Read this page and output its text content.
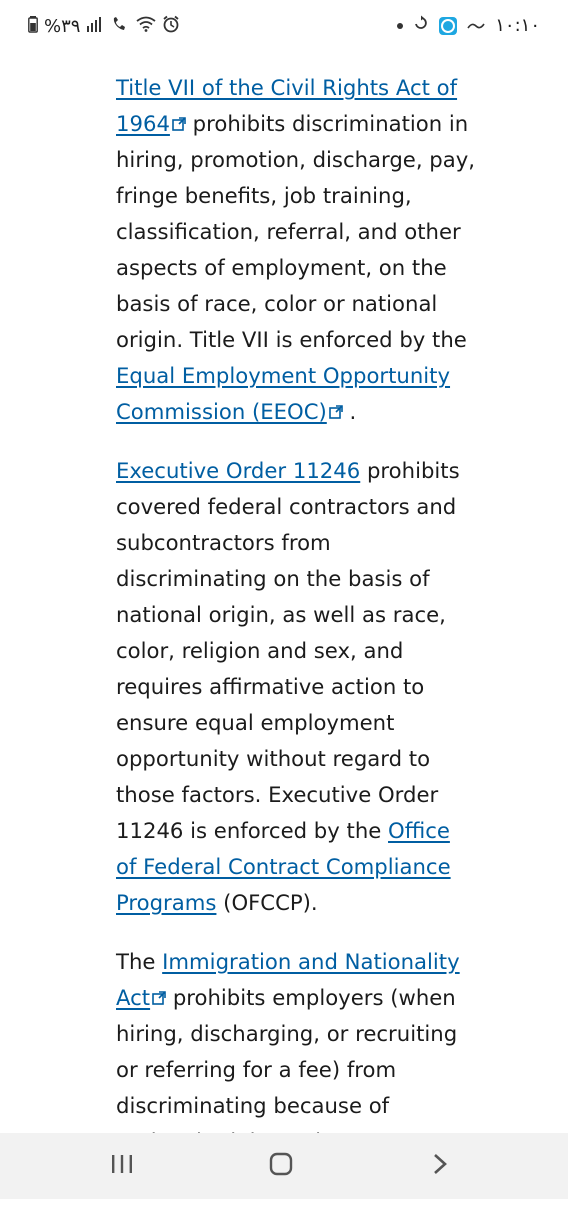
%٣٩	١٠:١٠

Title VII of the Civil Rights Act of 1964 prohibits discrimination in hiring, promotion, discharge, pay, fringe benefits, job training, classification, referral, and other aspects of employment, on the basis of race, color or national origin. Title VII is enforced by the Equal Employment Opportunity Commission (EEOC) .

Executive Order 11246 prohibits covered federal contractors and subcontractors from discriminating on the basis of national origin, as well as race, color, religion and sex, and requires affirmative action to ensure equal employment opportunity without regard to those factors. Executive Order 11246 is enforced by the Office of Federal Contract Compliance Programs (OFCCP).

The Immigration and Nationality Act prohibits employers (when hiring, discharging, or recruiting or referring for a fee) from discriminating because of
